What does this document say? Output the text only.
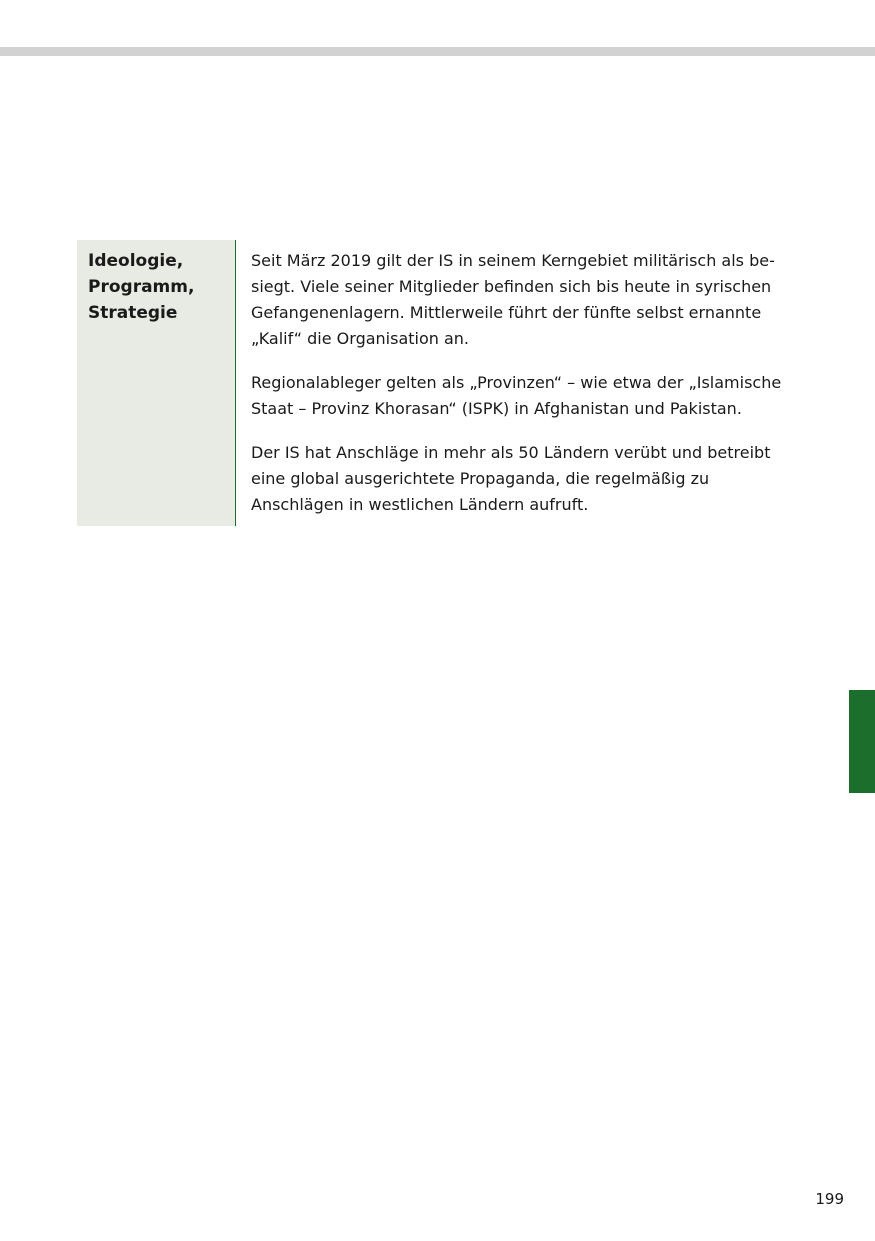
Ideologie,
Programm,
Strategie

Seit März 2019 gilt der IS in seinem Kerngebiet militärisch als be-
siegt. Viele seiner Mitglieder befinden sich bis heute in syrischen
Gefangenenlagern. Mittlerweile führt der fünfte selbst ernannte
„Kalif“ die Organisation an.

Regionalableger gelten als „Provinzen“ – wie etwa der „Islamische
Staat – Provinz Khorasan“ (ISPK) in Afghanistan und Pakistan.

Der IS hat Anschläge in mehr als 50 Ländern verübt und betreibt
eine global ausgerichtete Propaganda, die regelmäßig zu
Anschlägen in westlichen Ländern aufruft.

199
